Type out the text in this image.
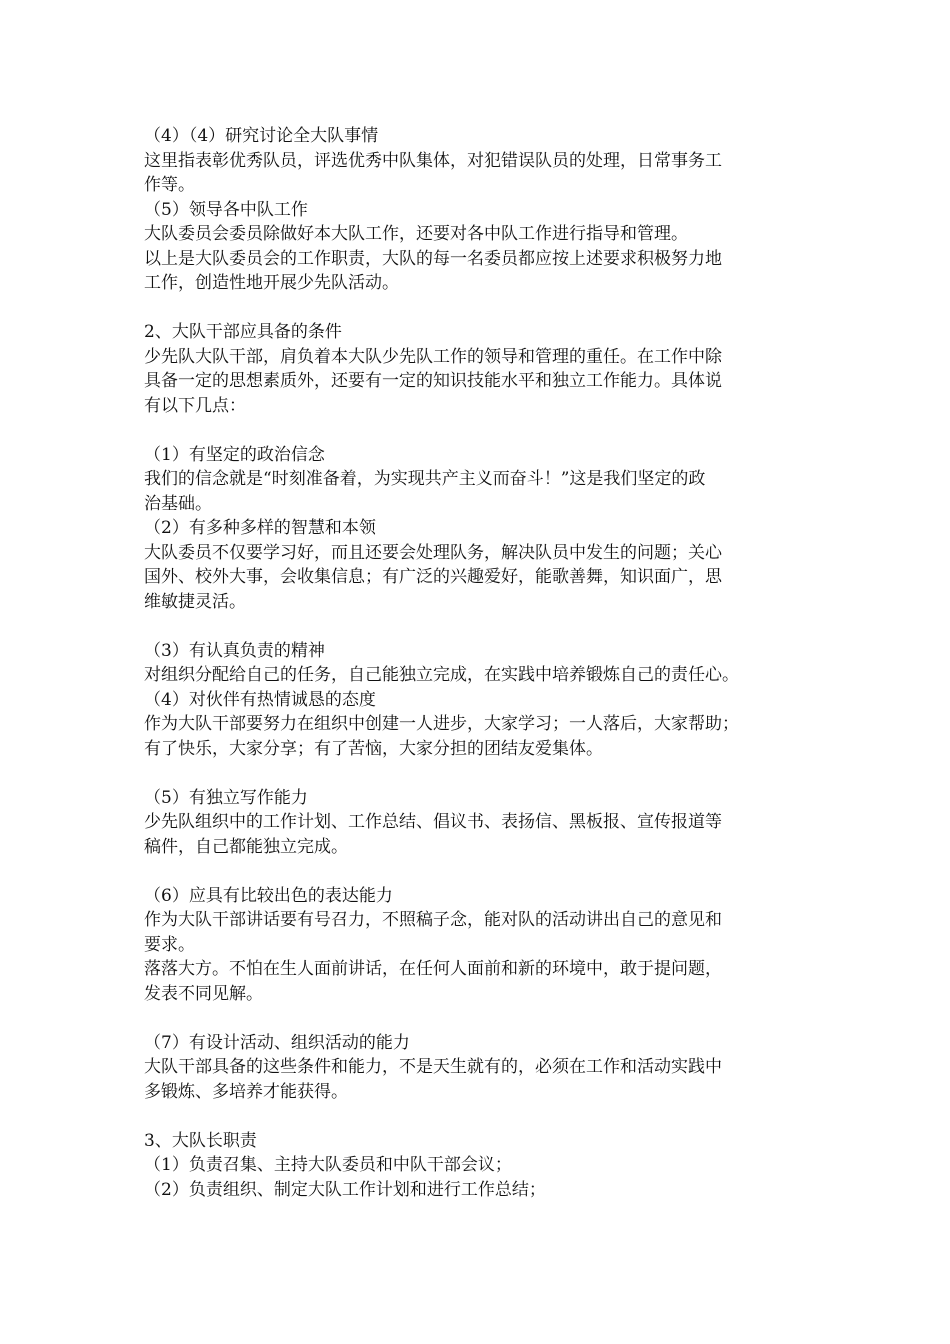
（4）（4）研究讨论全大队事情
这里指表彰优秀队员，评选优秀中队集体，对犯错误队员的处理，日常事务工
作等。
（5）领导各中队工作
大队委员会委员除做好本大队工作，还要对各中队工作进行指导和管理。
以上是大队委员会的工作职责，大队的每一名委员都应按上述要求积极努力地
工作，创造性地开展少先队活动。
2、大队干部应具备的条件
少先队大队干部，肩负着本大队少先队工作的领导和管理的重任。在工作中除
具备一定的思想素质外，还要有一定的知识技能水平和独立工作能力。具体说
有以下几点：
（1）有坚定的政治信念
我们的信念就是“时刻准备着，为实现共产主义而奋斗！”这是我们坚定的政
治基础。
（2）有多种多样的智慧和本领
大队委员不仅要学习好，而且还要会处理队务，解决队员中发生的问题；关心
国外、校外大事，会收集信息；有广泛的兴趣爱好，能歌善舞，知识面广，思
维敏捷灵活。
（3）有认真负责的精神
对组织分配给自己的任务，自己能独立完成，在实践中培养锻炼自己的责任心。
（4）对伙伴有热情诚恳的态度
作为大队干部要努力在组织中创建一人进步，大家学习；一人落后，大家帮助；
有了快乐，大家分享；有了苦恼，大家分担的团结友爱集体。
（5）有独立写作能力
少先队组织中的工作计划、工作总结、倡议书、表扬信、黑板报、宣传报道等
稿件，自己都能独立完成。
（6）应具有比较出色的表达能力
作为大队干部讲话要有号召力，不照稿子念，能对队的活动讲出自己的意见和
要求。
落落大方。不怕在生人面前讲话，在任何人面前和新的环境中，敢于提问题，
发表不同见解。
（7）有设计活动、组织活动的能力
大队干部具备的这些条件和能力，不是天生就有的，必须在工作和活动实践中
多锻炼、多培养才能获得。
3、大队长职责
（1）负责召集、主持大队委员和中队干部会议；
（2）负责组织、制定大队工作计划和进行工作总结；
